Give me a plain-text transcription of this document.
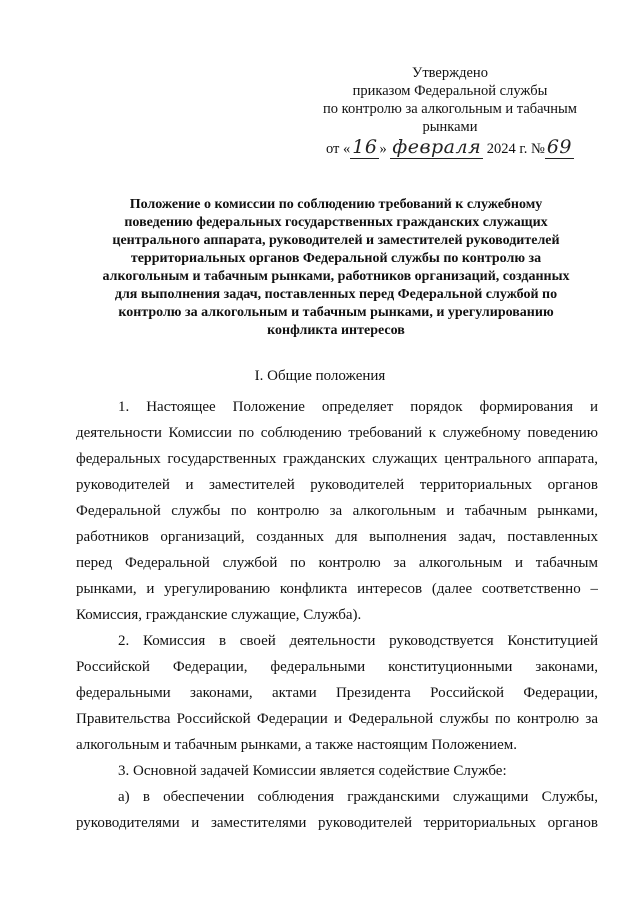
Утверждено
приказом Федеральной службы
по контролю за алкогольным и табачным
рынками
от « 16 » февраля 2024 г. № 69
Положение о комиссии по соблюдению требований к служебному
поведению федеральных государственных гражданских служащих
центрального аппарата, руководителей и заместителей руководителей
территориальных органов Федеральной службы по контролю за
алкогольным и табачным рынками, работников организаций, созданных
для выполнения задач, поставленных перед Федеральной службой по
контролю за алкогольным и табачным рынками, и урегулированию
конфликта интересов
I. Общие положения
1. Настоящее Положение определяет порядок формирования и
деятельности Комиссии по соблюдению требований к служебному поведению
федеральных государственных гражданских служащих центрального аппарата,
руководителей и заместителей руководителей территориальных органов
Федеральной службы по контролю за алкогольным и табачным рынками,
работников организаций, созданных для выполнения задач, поставленных
перед Федеральной службой по контролю за алкогольным и табачным
рынками, и урегулированию конфликта интересов (далее соответственно –
Комиссия, гражданские служащие, Служба).
2. Комиссия в своей деятельности руководствуется Конституцией
Российской Федерации, федеральными конституционными законами,
федеральными законами, актами Президента Российской Федерации,
Правительства Российской Федерации и Федеральной службы по контролю за
алкогольным и табачным рынками, а также настоящим Положением.
3. Основной задачей Комиссии является содействие Службе:
а) в обеспечении соблюдения гражданскими служащими Службы,
руководителями и заместителями руководителей территориальных органов
